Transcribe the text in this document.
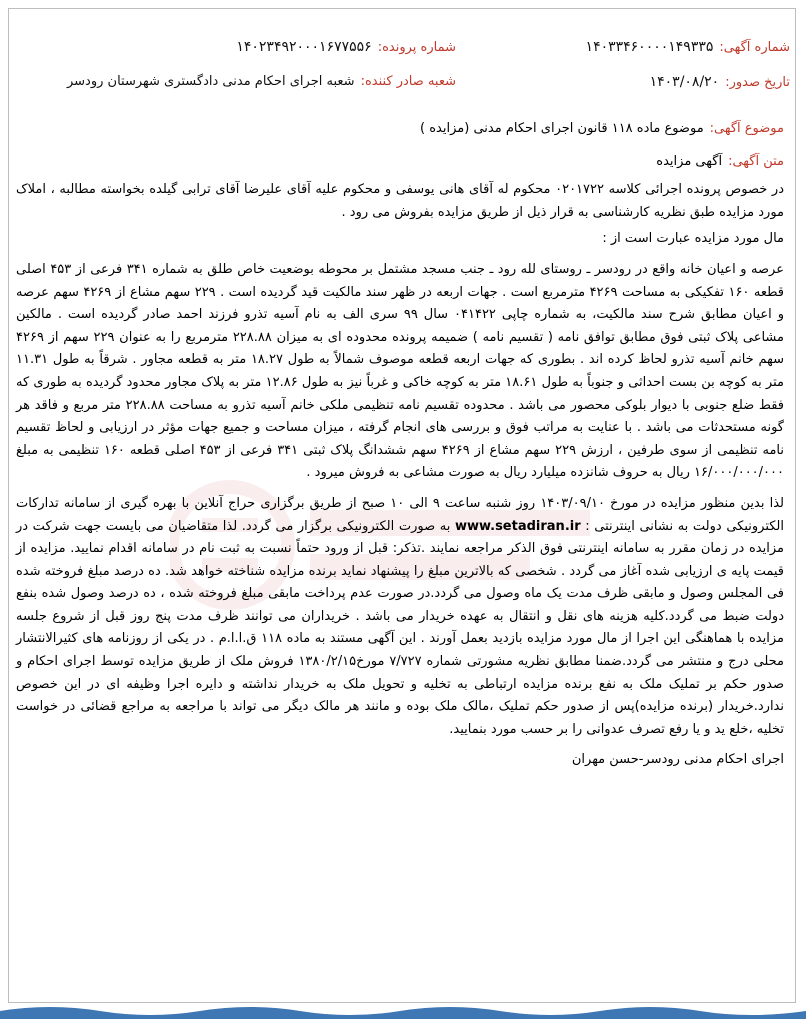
شماره آگهی:۱۴۰۳۳۴۶۰۰۰۰۱۴۹۳۳۵
شماره پرونده:۱۴۰۲۳۴۹۲۰۰۰۱۶۷۷۵۵۶
تاریخ صدور:۱۴۰۳/۰۸/۲۰
شعبه صادر کننده:شعبه اجرای احکام مدنی دادگستری شهرستان رودسر

موضوع آگهی:موضوع ماده ۱۱۸ قانون اجرای احکام مدنی (مزایده )

متن آگهی:آگهی مزایده

در خصوص پرونده اجرائی کلاسه ۰۲۰۱۷۲۲ محکوم له آقای هانی یوسفی و محکوم علیه آقای علیرضا آقای ترابی گیلده بخواسته مطالبه ، املاک مورد مزایده طبق نظریه کارشناسی به قرار ذیل از طریق مزایده بفروش می رود .

مال مورد مزایده عبارت است از :

عرصه و اعیان خانه واقع در رودسر ـ روستای لله رود ـ جنب مسجد مشتمل بر محوطه بوضعیت خاص طلق به شماره ۳۴۱ فرعی از ۴۵۳ اصلی قطعه ۱۶۰ تفکیکی به مساحت ۴۲۶۹ مترمربع است . جهات اربعه در ظهر سند مالکیت قید گردیده است . ۲۲۹ سهم مشاع از ۴۲۶۹ سهم عرصه و اعیان مطابق شرح سند مالکیت، به شماره چاپی ۰۴۱۴۲۲ سال ۹۹ سری الف به نام آسیه تذرو فرزند احمد صادر گردیده است . مالکین مشاعی پلاک ثبتی فوق مطابق توافق نامه ( تقسیم نامه ) ضمیمه پرونده محدوده ای به میزان ۲۲۸.۸۸ مترمربع را به عنوان ۲۲۹ سهم از ۴۲۶۹ سهم خانم آسیه تذرو لحاظ کرده اند . بطوری که جهات اربعه قطعه موصوف شمالاً به طول ۱۸.۲۷ متر به قطعه مجاور . شرقاً به طول ۱۱.۳۱ متر به کوچه بن بست احداثی و جنوباً به طول ۱۸.۶۱ متر به کوچه خاکی و غرباً نیز به طول ۱۲.۸۶ متر به پلاک مجاور محدود گردیده به طوری که فقط ضلع جنوبی با دیوار بلوکی محصور می باشد . محدوده تقسیم نامه تنظیمی ملکی خانم آسیه تذرو به مساحت ۲۲۸.۸۸ متر مربع و فاقد هر گونه مستحدثات می باشد . با عنایت به مراتب فوق و بررسی های انجام گرفته ، میزان مساحت و جمیع جهات مؤثر در ارزیابی و لحاظ تقسیم نامه تنظیمی از سوی طرفین ، ارزش ۲۲۹ سهم مشاع از ۴۲۶۹ سهم ششدانگ پلاک ثبتی ۳۴۱ فرعی از ۴۵۳ اصلی قطعه ۱۶۰ تنظیمی به مبلغ ۱۶/۰۰۰/۰۰۰/۰۰۰ ریال به حروف شانزده میلیارد ریال به صورت مشاعی به فروش میرود .

لذا بدین منظور مزایده در مورخ ۱۴۰۳/۰۹/۱۰ روز شنبه ساعت ۹ الی ۱۰ صبح از طریق برگزاری حراج آنلاین با بهره گیری از سامانه تدارکات الکترونیکی دولت به نشانی اینترنتی : www.setadiran.ir به صورت الکترونیکی برگزار می گردد. لذا متقاضیان می بایست جهت شرکت در مزایده در زمان مقرر به سامانه اینترنتی فوق الذکر مراجعه نمایند .تذکر: قبل از ورود حتماً نسبت به ثبت نام در سامانه اقدام نمایید. مزایده از قیمت پایه ی ارزیابی شده آغاز می گردد . شخصی که بالاترین مبلغ را پیشنهاد نماید برنده مزایده شناخته خواهد شد. ده درصد مبلغ فروخته شده فی المجلس وصول و مابقی ظرف مدت یک ماه وصول می گردد.در صورت عدم پرداخت مابقی مبلغ فروخته شده ، ده درصد وصول شده بنفع دولت ضبط می گردد.کلیه هزینه های نقل و انتقال به عهده خریدار می باشد . خریداران می توانند ظرف مدت پنج روز قبل از شروع جلسه مزایده با هماهنگی این اجرا از مال مورد مزایده بازدید بعمل آورند . این آگهی مستند به ماده ۱۱۸ ق.ا.ا.م . در یکی از روزنامه های کثیرالانتشار محلی درج و منتشر می گردد.ضمنا مطابق نظریه مشورتی شماره ۷/۷۲۷ مورخ۱۳۸۰/۲/۱۵ فروش ملک از طریق مزایده توسط اجرای احکام و صدور حکم بر تملیک ملک به نفع برنده مزایده ارتباطی به تخلیه و تحویل ملک به خریدار نداشته و دایره اجرا وظیفه ای در این خصوص ندارد.خریدار (برنده مزایده)پس از صدور حکم تملیک ،مالک ملک بوده و مانند هر مالک دیگر می تواند با مراجعه به مراجع قضائی در خواست تخلیه ،خلع ید و یا رفع تصرف عدوانی را بر حسب مورد بنمایید.

اجرای احکام مدنی رودسر-حسن مهران
